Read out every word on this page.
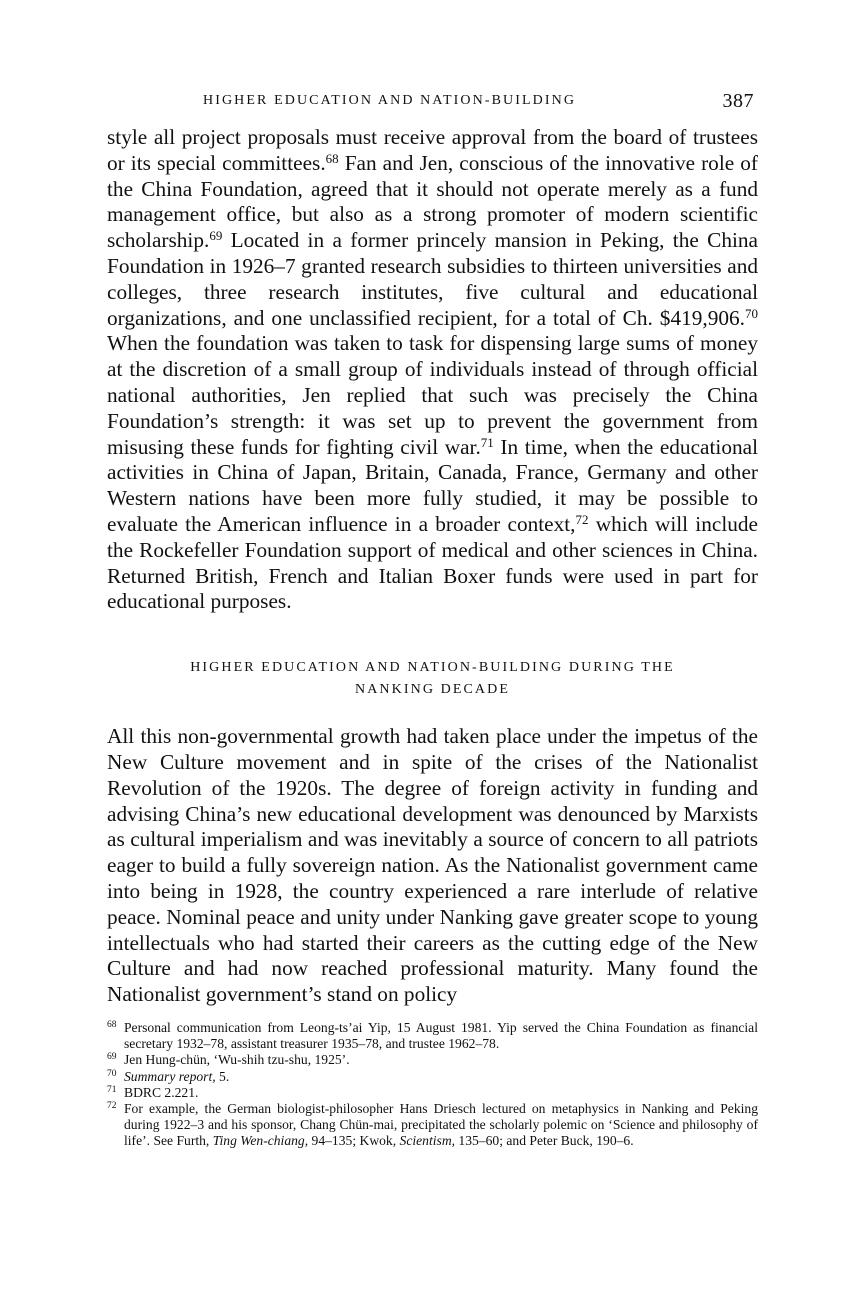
HIGHER EDUCATION AND NATION-BUILDING	387

style all project proposals must receive approval from the board of trustees or its special committees.$^{68}$ Fan and Jen, conscious of the innovative role of the China Foundation, agreed that it should not operate merely as a fund management office, but also as a strong promoter of modern scientific scholarship.$^{69}$ Located in a former princely mansion in Peking, the China Foundation in 1926–7 granted research subsidies to thirteen universities and colleges, three research institutes, five cultural and educational organizations, and one unclassified recipient, for a total of Ch. $419,906.70 When the foundation was taken to task for dispensing large sums of money at the discretion of a small group of individuals instead of through official national authorities, Jen replied that such was precisely the China Foundation’s strength: it was set up to prevent the government from misusing these funds for fighting civil war.$^{71}$ In time, when the educational activities in China of Japan, Britain, Canada, France, Germany and other Western nations have been more fully studied, it may be possible to evaluate the American influence in a broader context,$^{72}$ which will include the Rockefeller Foundation support of medical and other sciences in China. Returned British, French and Italian Boxer funds were used in part for educational purposes.

HIGHER EDUCATION AND NATION-BUILDING DURING THE
NANKING DECADE

All this non-governmental growth had taken place under the impetus of the New Culture movement and in spite of the crises of the Nationalist Revolution of the 1920s. The degree of foreign activity in funding and advising China’s new educational development was denounced by Marxists as cultural imperialism and was inevitably a source of concern to all patriots eager to build a fully sovereign nation. As the Nationalist government came into being in 1928, the country experienced a rare interlude of relative peace. Nominal peace and unity under Nanking gave greater scope to young intellectuals who had started their careers as the cutting edge of the New Culture and had now reached professional maturity. Many found the Nationalist government’s stand on policy

68 Personal communication from Leong-ts’ai Yip, 15 August 1981. Yip served the China Foundation as financial secretary 1932–78, assistant treasurer 1935–78, and trustee 1962–78.
69 Jen Hung-chün, ‘Wu-shih tzu-shu, 1925’.
70 Summary report, 5.
71 BDRC 2.221.
72 For example, the German biologist-philosopher Hans Driesch lectured on metaphysics in Nanking and Peking during 1922–3 and his sponsor, Chang Chün-mai, precipitated the scholarly polemic on ‘Science and philosophy of life’. See Furth, Ting Wen-chiang, 94–135; Kwok, Scientism, 135–60; and Peter Buck, 190–6.
